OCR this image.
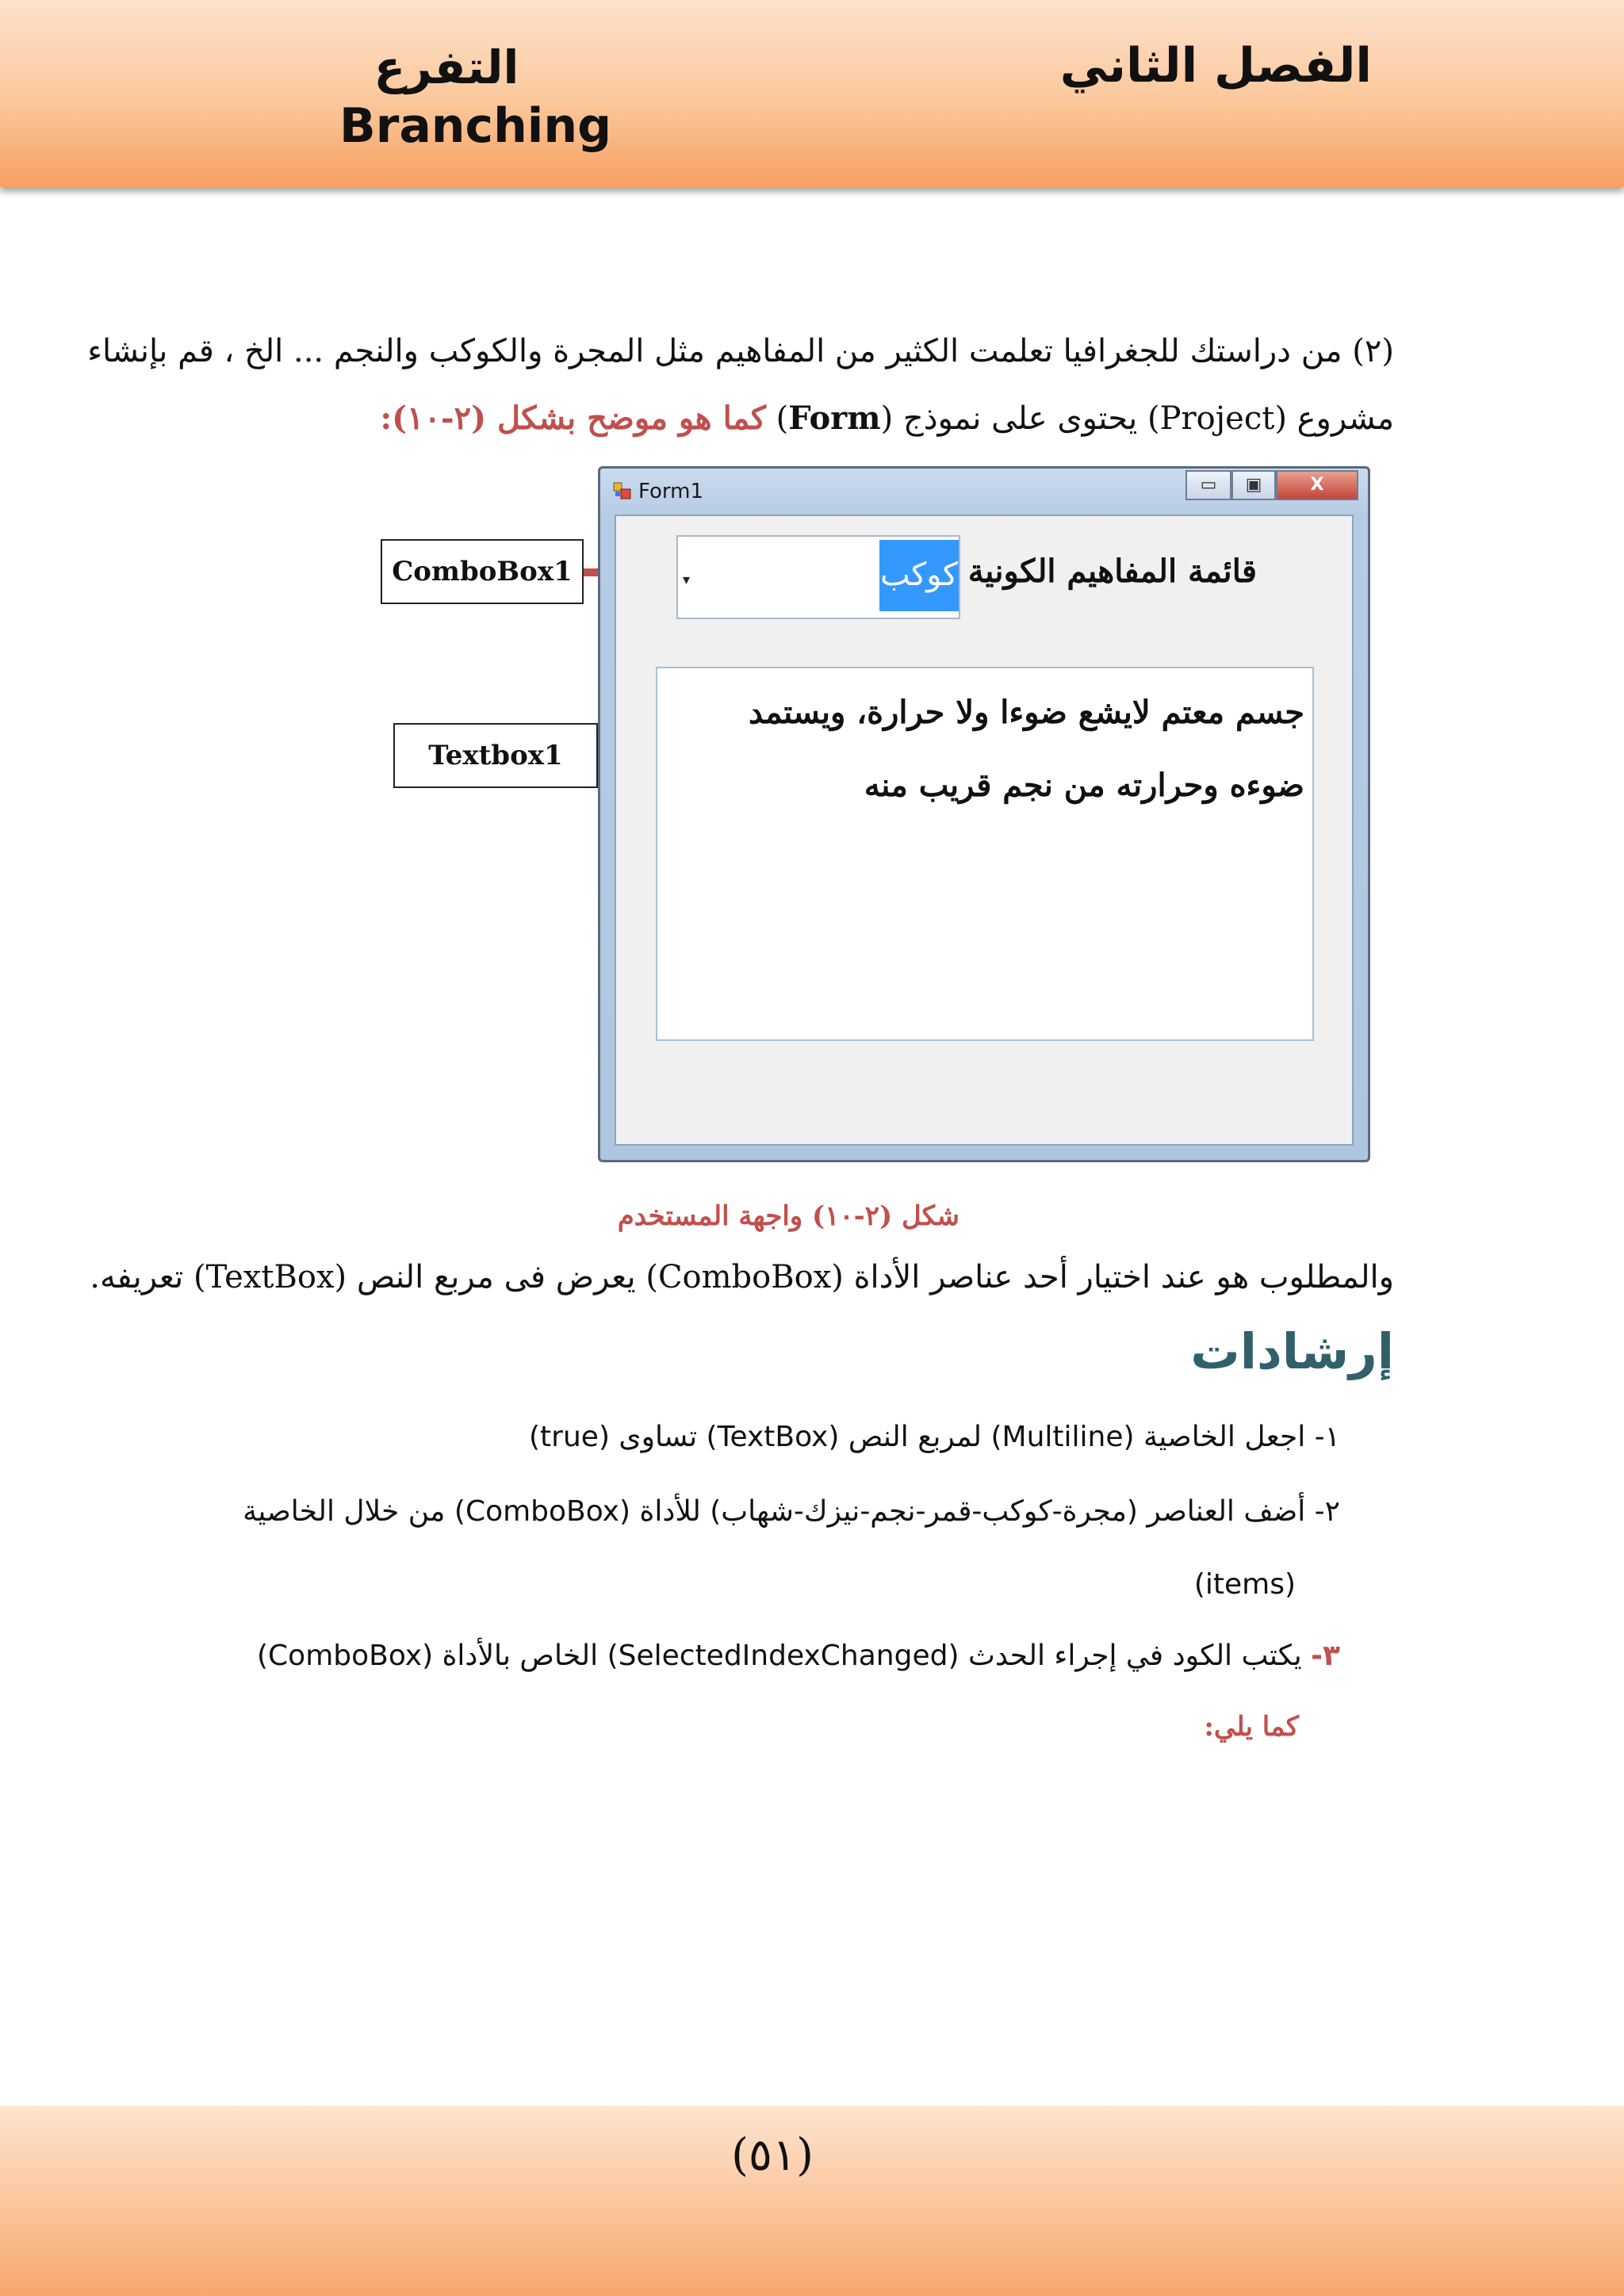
الفصل الثاني
التفرع
Branching
(٢) من دراستك للجغرافيا تعلمت الكثير من المفاهيم مثل المجرة والكوكب والنجم ... الخ ، قم بإنشاء
مشروع (Project) يحتوى على نموذج (Form) كما هو موضح بشكل (٢-١٠):
ComboBox1
Textbox1
Form1	▭	▣	X
قائمة المفاهيم الكونية
▾	كوكب
جسم معتم لايشع ضوءا ولا حرارة، ويستمد ضوءه وحرارته من نجم قريب منه
شكل (٢-١٠) واجهة المستخدم
والمطلوب هو عند اختيار أحد عناصر الأداة (ComboBox) يعرض فى مربع النص (TextBox) تعريفه.
إرشادات
١- اجعل الخاصية (Multiline) لمربع النص (TextBox) تساوى (true)
٢- أضف العناصر (مجرة-كوكب-قمر-نجم-نيزك-شهاب) للأداة (ComboBox) من خلال الخاصية
(items)
٣- يكتب الكود في إجراء الحدث (SelectedIndexChanged) الخاص بالأداة (ComboBox)
كما يلي:
(٥١)
